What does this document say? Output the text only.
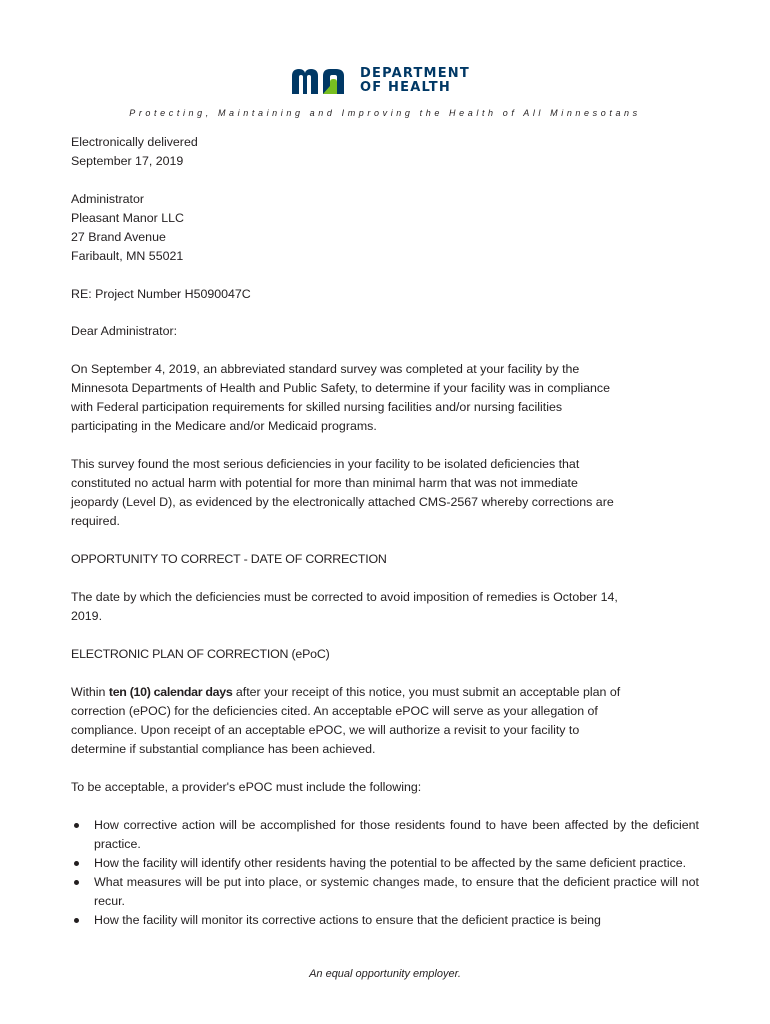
DEPARTMENT
OF HEALTH
Protecting, Maintaining and Improving the Health of All Minnesotans
Electronically delivered
September 17, 2019
Administrator
Pleasant Manor LLC
27 Brand Avenue
Faribault, MN 55021
RE: Project Number H5090047C
Dear Administrator:
On September 4, 2019, an abbreviated standard survey was completed at your facility by the
Minnesota Departments of Health and Public Safety, to determine if your facility was in compliance
with Federal participation requirements for skilled nursing facilities and/or nursing facilities
participating in the Medicare and/or Medicaid programs.
This survey found the most serious deficiencies in your facility to be isolated deficiencies that
constituted no actual harm with potential for more than minimal harm that was not immediate
jeopardy (Level D), as evidenced by the electronically attached CMS-2567 whereby corrections are
required.
OPPORTUNITY TO CORRECT - DATE OF CORRECTION
The date by which the deficiencies must be corrected to avoid imposition of remedies is October 14,
2019.
ELECTRONIC PLAN OF CORRECTION (ePoC)
Within ten (10) calendar days after your receipt of this notice, you must submit an acceptable plan of
correction (ePOC) for the deficiencies cited. An acceptable ePOC will serve as your allegation of
compliance. Upon receipt of an acceptable ePOC, we will authorize a revisit to your facility to
determine if substantial compliance has been achieved.
To be acceptable, a provider's ePOC must include the following:
How corrective action will be accomplished for those residents found to have been affected by the deficient practice.
How the facility will identify other residents having the potential to be affected by the same deficient practice.
What measures will be put into place, or systemic changes made, to ensure that the deficient practice will not recur.
How the facility will monitor its corrective actions to ensure that the deficient practice is being
An equal opportunity employer.
